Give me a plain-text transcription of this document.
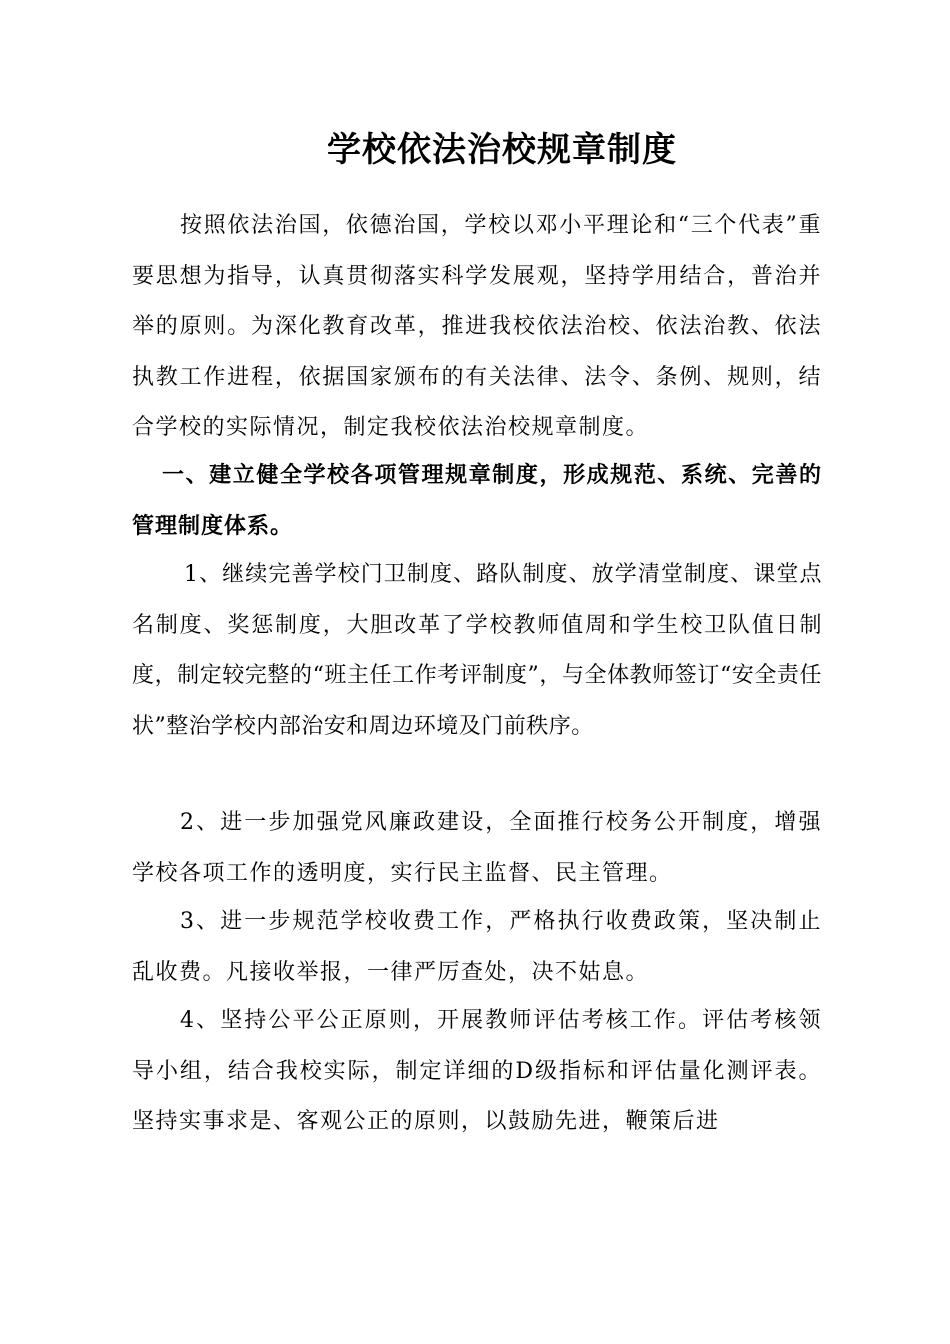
学校依法治校规章制度

按照依法治国，依德治国，学校以邓小平理论和“三个代表”重要思想为指导，认真贯彻落实科学发展观，坚持学用结合，普治并举的原则。为深化教育改革，推进我校依法治校、依法治教、依法执教工作进程，依据国家颁布的有关法律、法令、条例、规则，结合学校的实际情况，制定我校依法治校规章制度。

一、建立健全学校各项管理规章制度，形成规范、系统、完善的管理制度体系。

1、继续完善学校门卫制度、路队制度、放学清堂制度、课堂点名制度、奖惩制度，大胆改革了学校教师值周和学生校卫队值日制度，制定较完整的“班主任工作考评制度”，与全体教师签订“安全责任状”整治学校内部治安和周边环境及门前秩序。

2、进一步加强党风廉政建设，全面推行校务公开制度，增强学校各项工作的透明度，实行民主监督、民主管理。

3、进一步规范学校收费工作，严格执行收费政策，坚决制止乱收费。凡接收举报，一律严厉查处，决不姑息。

4、坚持公平公正原则，开展教师评估考核工作。评估考核领导小组，结合我校实际，制定详细的D级指标和评估量化测评表。坚持实事求是、客观公正的原则，以鼓励先进，鞭策后进
